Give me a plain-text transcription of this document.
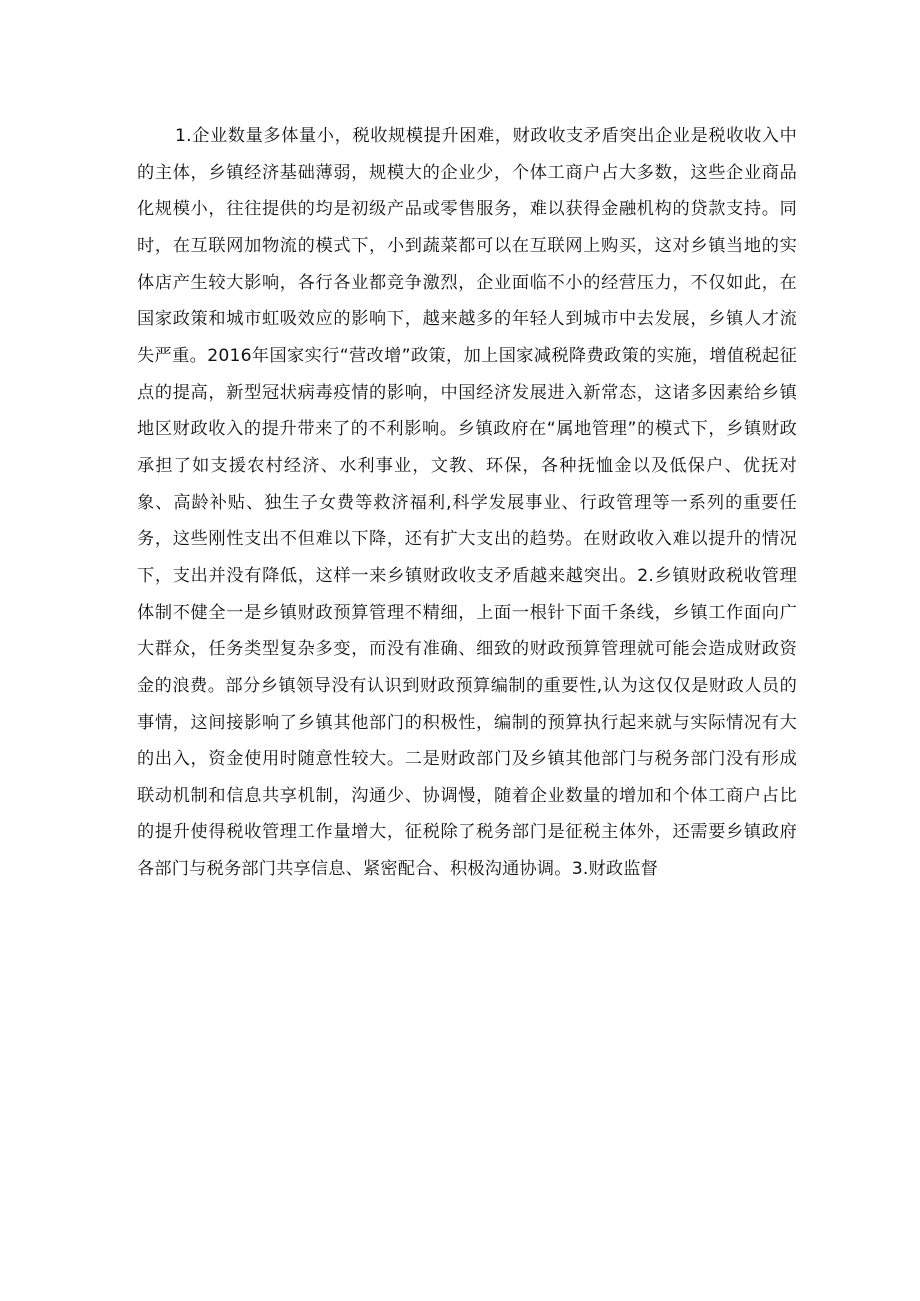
1.企业数量多体量小，税收规模提升困难，财政收支矛盾突出企业是税收收入中的主体，乡镇经济基础薄弱，规模大的企业少，个体工商户占大多数，这些企业商品化规模小，往往提供的均是初级产品或零售服务，难以获得金融机构的贷款支持。同时，在互联网加物流的模式下，小到蔬菜都可以在互联网上购买，这对乡镇当地的实体店产生较大影响，各行各业都竞争激烈，企业面临不小的经营压力，不仅如此，在国家政策和城市虹吸效应的影响下，越来越多的年轻人到城市中去发展，乡镇人才流失严重。2016年国家实行“营改增”政策，加上国家减税降费政策的实施，增值税起征点的提高，新型冠状病毒疫情的影响，中国经济发展进入新常态，这诸多因素给乡镇地区财政收入的提升带来了的不利影响。乡镇政府在“属地管理”的模式下，乡镇财政承担了如支援农村经济、水利事业，文教、环保，各种抚恤金以及低保户、优抚对象、高龄补贴、独生子女费等救济福利,科学发展事业、行政管理等一系列的重要任务，这些刚性支出不但难以下降，还有扩大支出的趋势。在财政收入难以提升的情况下，支出并没有降低，这样一来乡镇财政收支矛盾越来越突出。2.乡镇财政税收管理体制不健全一是乡镇财政预算管理不精细，上面一根针下面千条线，乡镇工作面向广大群众，任务类型复杂多变，而没有准确、细致的财政预算管理就可能会造成财政资金的浪费。部分乡镇领导没有认识到财政预算编制的重要性,认为这仅仅是财政人员的事情，这间接影响了乡镇其他部门的积极性，编制的预算执行起来就与实际情况有大的出入，资金使用时随意性较大。二是财政部门及乡镇其他部门与税务部门没有形成联动机制和信息共享机制，沟通少、协调慢，随着企业数量的增加和个体工商户占比的提升使得税收管理工作量增大，征税除了税务部门是征税主体外，还需要乡镇政府各部门与税务部门共享信息、紧密配合、积极沟通协调。3.财政监督
